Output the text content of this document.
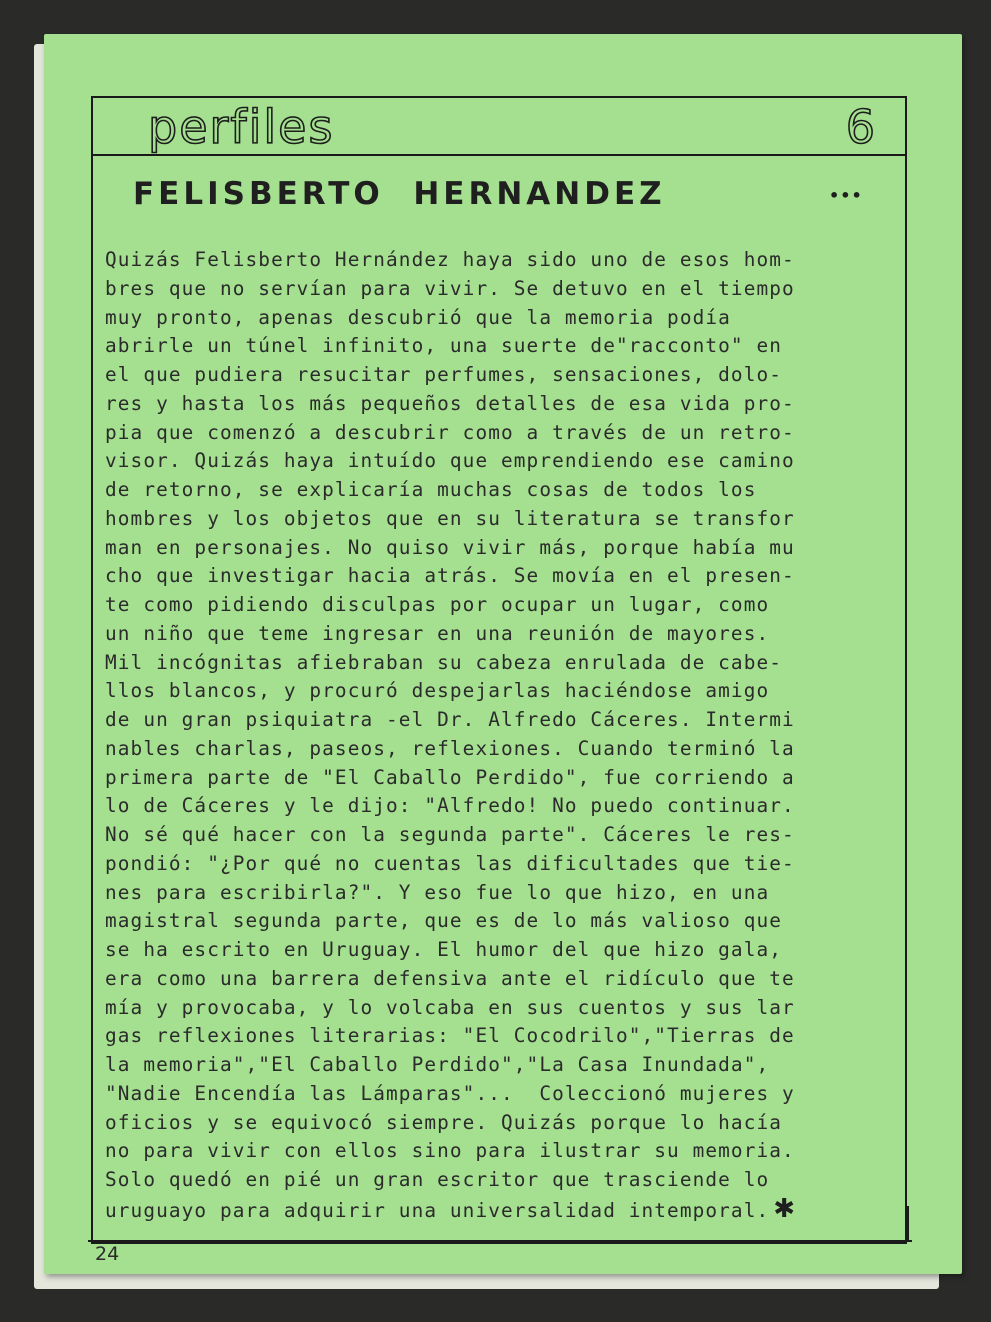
perfiles	6
FELISBERTO  HERNANDEZ	•••
Quizás Felisberto Hernández haya sido uno de esos hom-
bres que no servían para vivir. Se detuvo en el tiempo
muy pronto, apenas descubrió que la memoria podía
abrirle un túnel infinito, una suerte de"racconto" en
el que pudiera resucitar perfumes, sensaciones, dolo-
res y hasta los más pequeños detalles de esa vida pro-
pia que comenzó a descubrir como a través de un retro-
visor. Quizás haya intuído que emprendiendo ese camino
de retorno, se explicaría muchas cosas de todos los
hombres y los objetos que en su literatura se transfor
man en personajes. No quiso vivir más, porque había mu
cho que investigar hacia atrás. Se movía en el presen-
te como pidiendo disculpas por ocupar un lugar, como
un niño que teme ingresar en una reunión de mayores.
Mil incógnitas afiebraban su cabeza enrulada de cabe-
llos blancos, y procuró despejarlas haciéndose amigo
de un gran psiquiatra -el Dr. Alfredo Cáceres. Intermi
nables charlas, paseos, reflexiones. Cuando terminó la
primera parte de "El Caballo Perdido", fue corriendo a
lo de Cáceres y le dijo: "Alfredo! No puedo continuar.
No sé qué hacer con la segunda parte". Cáceres le res-
pondió: "¿Por qué no cuentas las dificultades que tie-
nes para escribirla?". Y eso fue lo que hizo, en una
magistral segunda parte, que es de lo más valioso que
se ha escrito en Uruguay. El humor del que hizo gala,
era como una barrera defensiva ante el ridículo que te
mía y provocaba, y lo volcaba en sus cuentos y sus lar
gas reflexiones literarias: "El Cocodrilo","Tierras de
la memoria","El Caballo Perdido","La Casa Inundada",
"Nadie Encendía las Lámparas"...  Coleccionó mujeres y
oficios y se equivocó siempre. Quizás porque lo hacía
no para vivir con ellos sino para ilustrar su memoria.
Solo quedó en pié un gran escritor que trasciende lo
uruguayo para adquirir una universalidad intemporal. ✱
24
